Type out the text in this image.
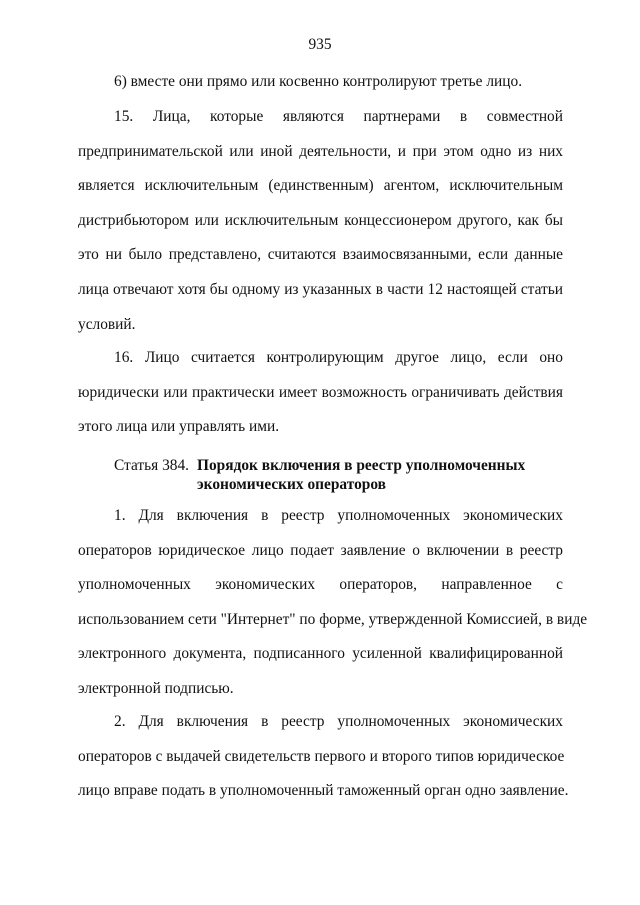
935
6) вместе они прямо или косвенно контролируют третье лицо.
15. Лица, которые являются партнерами в совместной
предпринимательской или иной деятельности, и при этом одно из них
является исключительным (единственным) агентом, исключительным
дистрибьютором или исключительным концессионером другого, как бы
это ни было представлено, считаются взаимосвязанными, если данные
лица отвечают хотя бы одному из указанных в части 12 настоящей статьи
условий.
16. Лицо считается контролирующим другое лицо, если оно
юридически или практически имеет возможность ограничивать действия
этого лица или управлять ими.
Статья 384. Порядок включения в реестр уполномоченных
экономических операторов
1. Для включения в реестр уполномоченных экономических
операторов юридическое лицо подает заявление о включении в реестр
уполномоченных экономических операторов, направленное с
использованием сети "Интернет" по форме, утвержденной Комиссией, в виде
электронного документа, подписанного усиленной квалифицированной
электронной подписью.
2. Для включения в реестр уполномоченных экономических
операторов с выдачей свидетельств первого и второго типов юридическое
лицо вправе подать в уполномоченный таможенный орган одно заявление.
